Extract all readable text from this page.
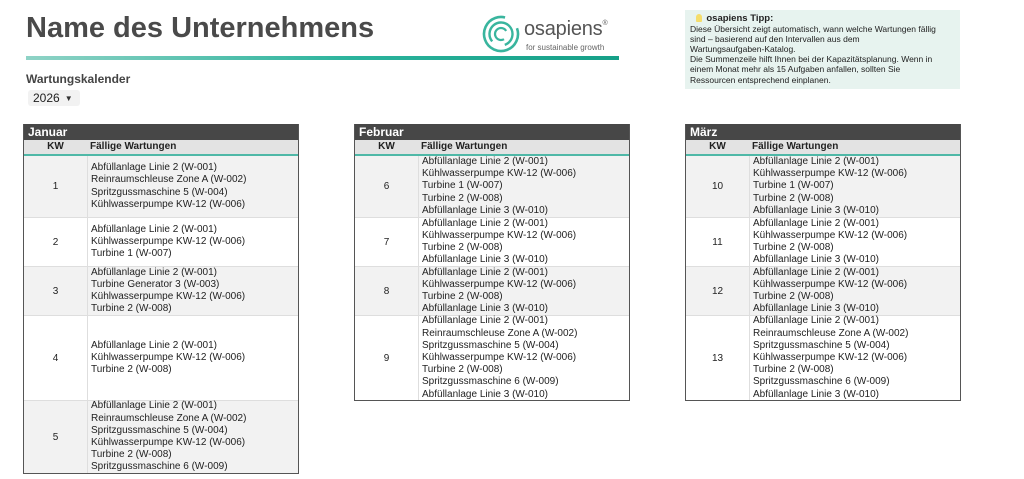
Name des Unternehmens	osapiens®
for sustainable growth
Wartungskalender
2026 ▼
osapiens Tipp:
Diese Übersicht zeigt automatisch, wann welche Wartungen fällig
sind – basierend auf den Intervallen aus dem
Wartungsaufgaben-Katalog.
Die Summenzeile hilft Ihnen bei der Kapazitätsplanung. Wenn in
einem Monat mehr als 15 Aufgaben anfallen, sollten Sie
Ressourcen entsprechend einplanen.
Januar
KW	Fällige Wartungen
1
Abfüllanlage Linie 2 (W-001)
Reinraumschleuse Zone A (W-002)
Spritzgussmaschine 5 (W-004)
Kühlwasserpumpe KW-12 (W-006)
2
Abfüllanlage Linie 2 (W-001)
Kühlwasserpumpe KW-12 (W-006)
Turbine 1 (W-007)
3
Abfüllanlage Linie 2 (W-001)
Turbine Generator 3 (W-003)
Kühlwasserpumpe KW-12 (W-006)
Turbine 2 (W-008)
4
Abfüllanlage Linie 2 (W-001)
Kühlwasserpumpe KW-12 (W-006)
Turbine 2 (W-008)
5
Abfüllanlage Linie 2 (W-001)
Reinraumschleuse Zone A (W-002)
Spritzgussmaschine 5 (W-004)
Kühlwasserpumpe KW-12 (W-006)
Turbine 2 (W-008)
Spritzgussmaschine 6 (W-009)
Februar
KW	Fällige Wartungen
6
Abfüllanlage Linie 2 (W-001)
Kühlwasserpumpe KW-12 (W-006)
Turbine 1 (W-007)
Turbine 2 (W-008)
Abfüllanlage Linie 3 (W-010)
7
Abfüllanlage Linie 2 (W-001)
Kühlwasserpumpe KW-12 (W-006)
Turbine 2 (W-008)
Abfüllanlage Linie 3 (W-010)
8
Abfüllanlage Linie 2 (W-001)
Kühlwasserpumpe KW-12 (W-006)
Turbine 2 (W-008)
Abfüllanlage Linie 3 (W-010)
9
Abfüllanlage Linie 2 (W-001)
Reinraumschleuse Zone A (W-002)
Spritzgussmaschine 5 (W-004)
Kühlwasserpumpe KW-12 (W-006)
Turbine 2 (W-008)
Spritzgussmaschine 6 (W-009)
Abfüllanlage Linie 3 (W-010)
März
KW	Fällige Wartungen
10
Abfüllanlage Linie 2 (W-001)
Kühlwasserpumpe KW-12 (W-006)
Turbine 1 (W-007)
Turbine 2 (W-008)
Abfüllanlage Linie 3 (W-010)
11
Abfüllanlage Linie 2 (W-001)
Kühlwasserpumpe KW-12 (W-006)
Turbine 2 (W-008)
Abfüllanlage Linie 3 (W-010)
12
Abfüllanlage Linie 2 (W-001)
Kühlwasserpumpe KW-12 (W-006)
Turbine 2 (W-008)
Abfüllanlage Linie 3 (W-010)
13
Abfüllanlage Linie 2 (W-001)
Reinraumschleuse Zone A (W-002)
Spritzgussmaschine 5 (W-004)
Kühlwasserpumpe KW-12 (W-006)
Turbine 2 (W-008)
Spritzgussmaschine 6 (W-009)
Abfüllanlage Linie 3 (W-010)
